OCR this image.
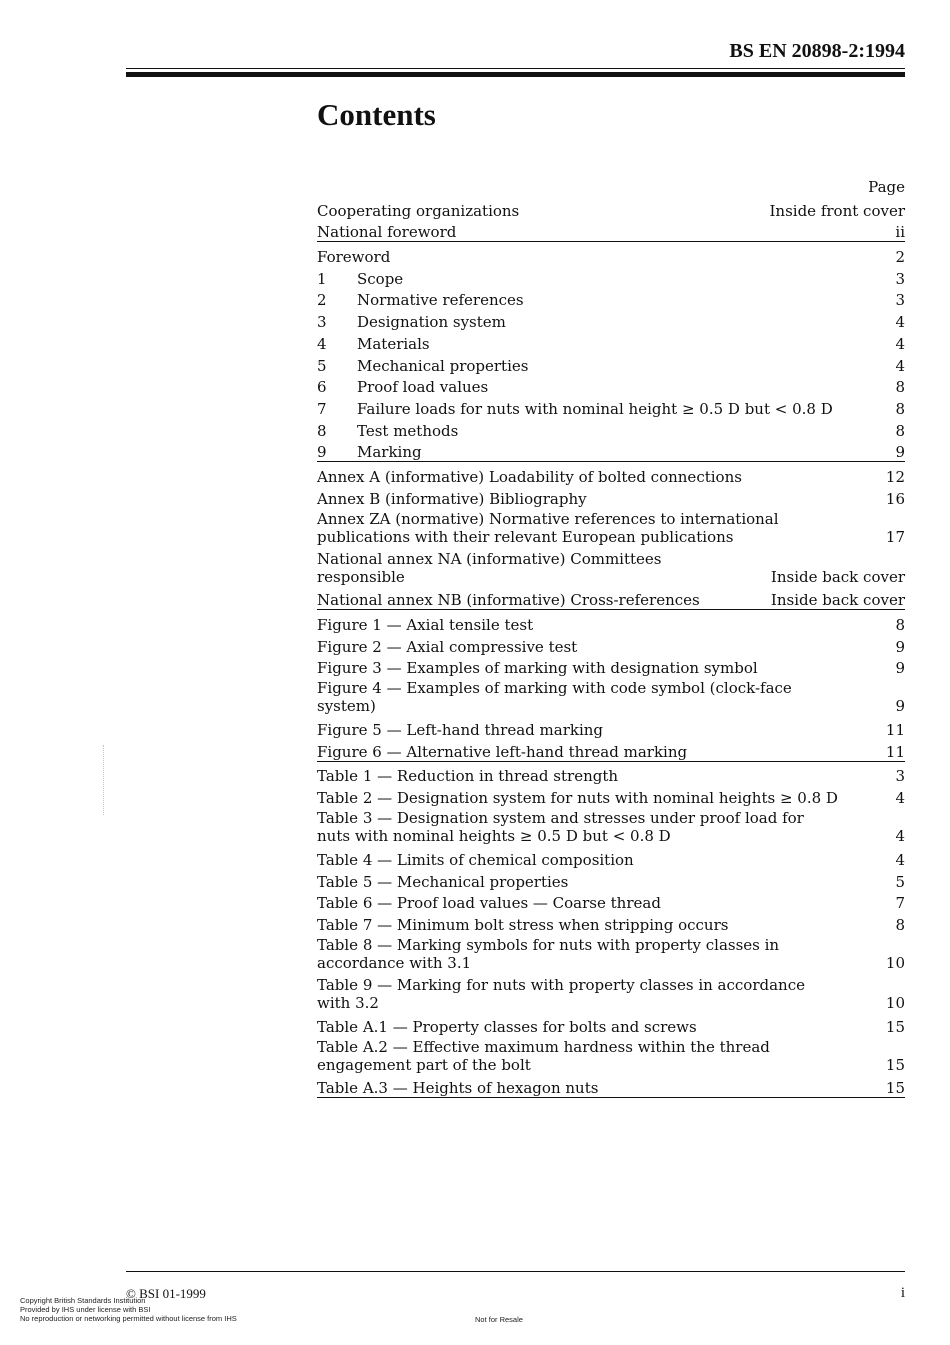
BS EN 20898-2:1994
Contents
Page
Cooperating organizations	Inside front cover
National foreword	ii
Foreword	2
1 Scope	3
2 Normative references	3
3 Designation system	4
4 Materials	4
5 Mechanical properties	4
6 Proof load values	8
7 Failure loads for nuts with nominal height ≥ 0.5 D but < 0.8 D	8
8 Test methods	8
9 Marking	9
Annex A (informative) Loadability of bolted connections	12
Annex B (informative) Bibliography	16
Annex ZA (normative) Normative references to international publications with their relevant European publications	17
National annex NA (informative) Committees responsible	Inside back cover
National annex NB (informative) Cross-references	Inside back cover
Figure 1 — Axial tensile test	8
Figure 2 — Axial compressive test	9
Figure 3 — Examples of marking with designation symbol	9
Figure 4 — Examples of marking with code symbol (clock-face system)	9
Figure 5 — Left-hand thread marking	11
Figure 6 — Alternative left-hand thread marking	11
Table 1 — Reduction in thread strength	3
Table 2 — Designation system for nuts with nominal heights ≥ 0.8 D	4
Table 3 — Designation system and stresses under proof load for nuts with nominal heights ≥ 0.5 D but < 0.8 D	4
Table 4 — Limits of chemical composition	4
Table 5 — Mechanical properties	5
Table 6 — Proof load values — Coarse thread	7
Table 7 — Minimum bolt stress when stripping occurs	8
Table 8 — Marking symbols for nuts with property classes in accordance with 3.1	10
Table 9 — Marking for nuts with property classes in accordance with 3.2	10
Table A.1 — Property classes for bolts and screws	15
Table A.2 — Effective maximum hardness within the thread engagement part of the bolt	15
Table A.3 — Heights of hexagon nuts	15
© BSI 01-1999	i
Copyright British Standards Institution
Provided by IHS under license with BSI
No reproduction or networking permitted without license from IHS	Not for Resale
